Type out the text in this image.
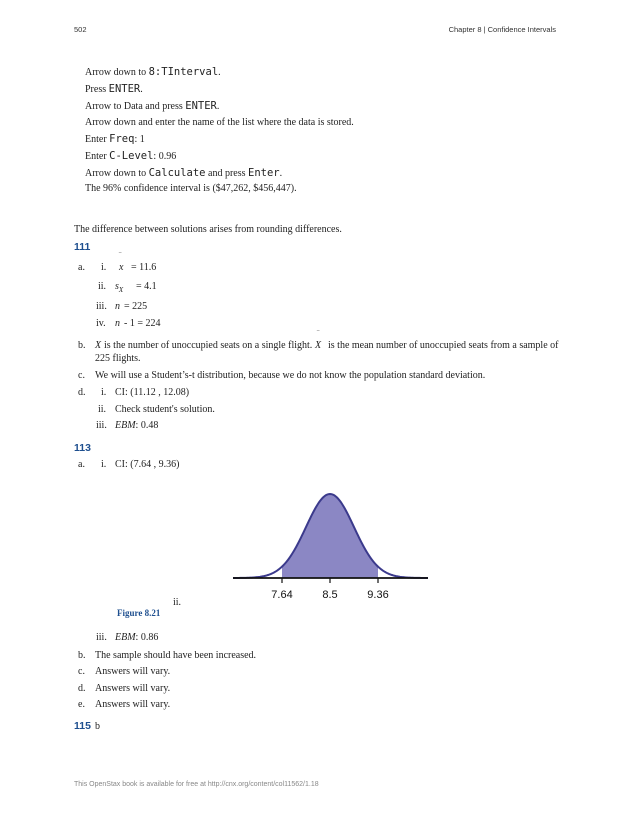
502	Chapter 8 | Confidence Intervals
Arrow down to 8:TInterval.
Press ENTER.
Arrow to Data and press ENTER.
Arrow down and enter the name of the list where the data is stored.
Enter Freq: 1
Enter C-Level: 0.96
Arrow down to Calculate and press Enter.
The 96% confidence interval is ($47,262, $456,447).
The difference between solutions arises from rounding differences.
111
a. i.
‾
x = 11.6
ii. $s_X = 4.1$
iii. n = 225
iv. n - 1 = 224
b. X is the number of unoccupied seats on a single flight.
‾
X is the mean number of unoccupied seats from a sample of
225 flights.
c. We will use a Student’s-t distribution, because we do not know the population standard deviation.
d. i. CI: (11.12 , 12.08)
ii. Check student's solution.
iii. EBM: 0.48
113
a. i. CI: (7.64 , 9.36)
7.64	8.5	9.36
ii.
Figure 8.21
iii. EBM: 0.86
b. The sample should have been increased.
c. Answers will vary.
d. Answers will vary.
e. Answers will vary.
115 b
This OpenStax book is available for free at http://cnx.org/content/col11562/1.18
